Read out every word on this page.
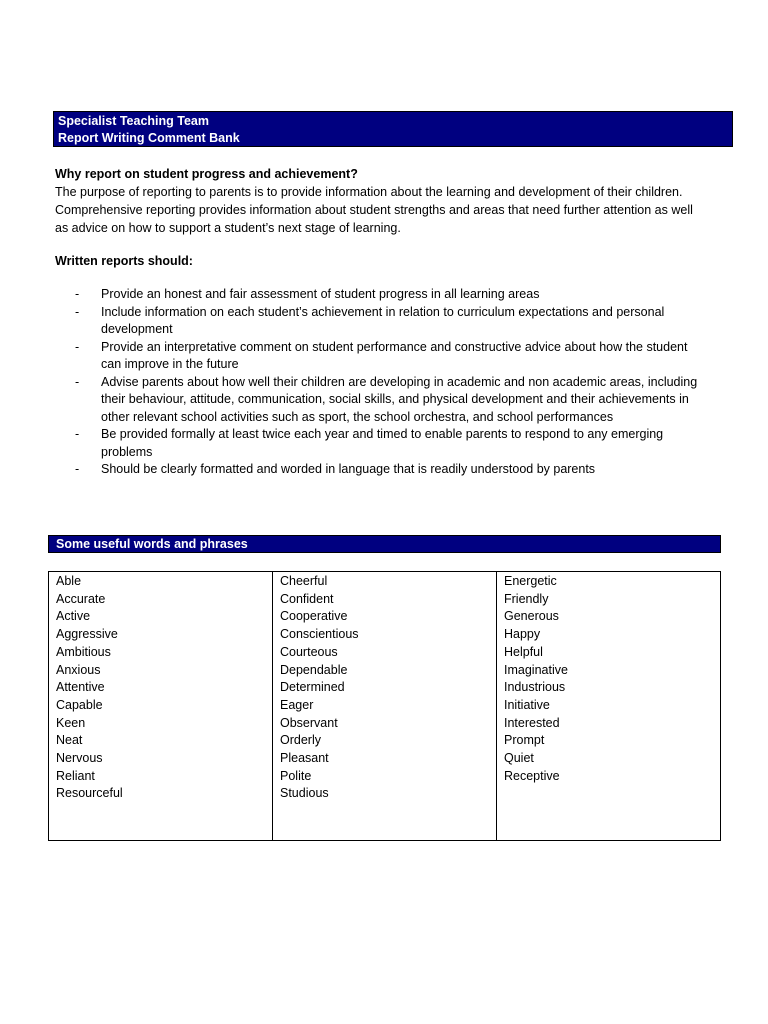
Specialist Teaching Team
Report Writing Comment Bank
Why report on student progress and achievement?
The purpose of reporting to parents is to provide information about the learning and development of their children.
Comprehensive reporting provides information about student strengths and areas that need further attention as well
as advice on how to support a student’s next stage of learning.
Written reports should:
- Provide an honest and fair assessment of student progress in all learning areas
- Include information on each student’s achievement in relation to curriculum expectations and personal
development
- Provide an interpretative comment on student performance and constructive advice about how the student
can improve in the future
- Advise parents about how well their children are developing in academic and non academic areas, including
their behaviour, attitude, communication, social skills, and physical development and their achievements in
other relevant school activities such as sport, the school orchestra, and school performances
- Be provided formally at least twice each year and timed to enable parents to respond to any emerging
problems
- Should be clearly formatted and worded in language that is readily understood by parents
Some useful words and phrases
Able
Accurate
Active
Aggressive
Ambitious
Anxious
Attentive
Capable
Keen
Neat
Nervous
Reliant
Resourceful
Cheerful
Confident
Cooperative
Conscientious
Courteous
Dependable
Determined
Eager
Observant
Orderly
Pleasant
Polite
Studious
Energetic
Friendly
Generous
Happy
Helpful
Imaginative
Industrious
Initiative
Interested
Prompt
Quiet
Receptive
